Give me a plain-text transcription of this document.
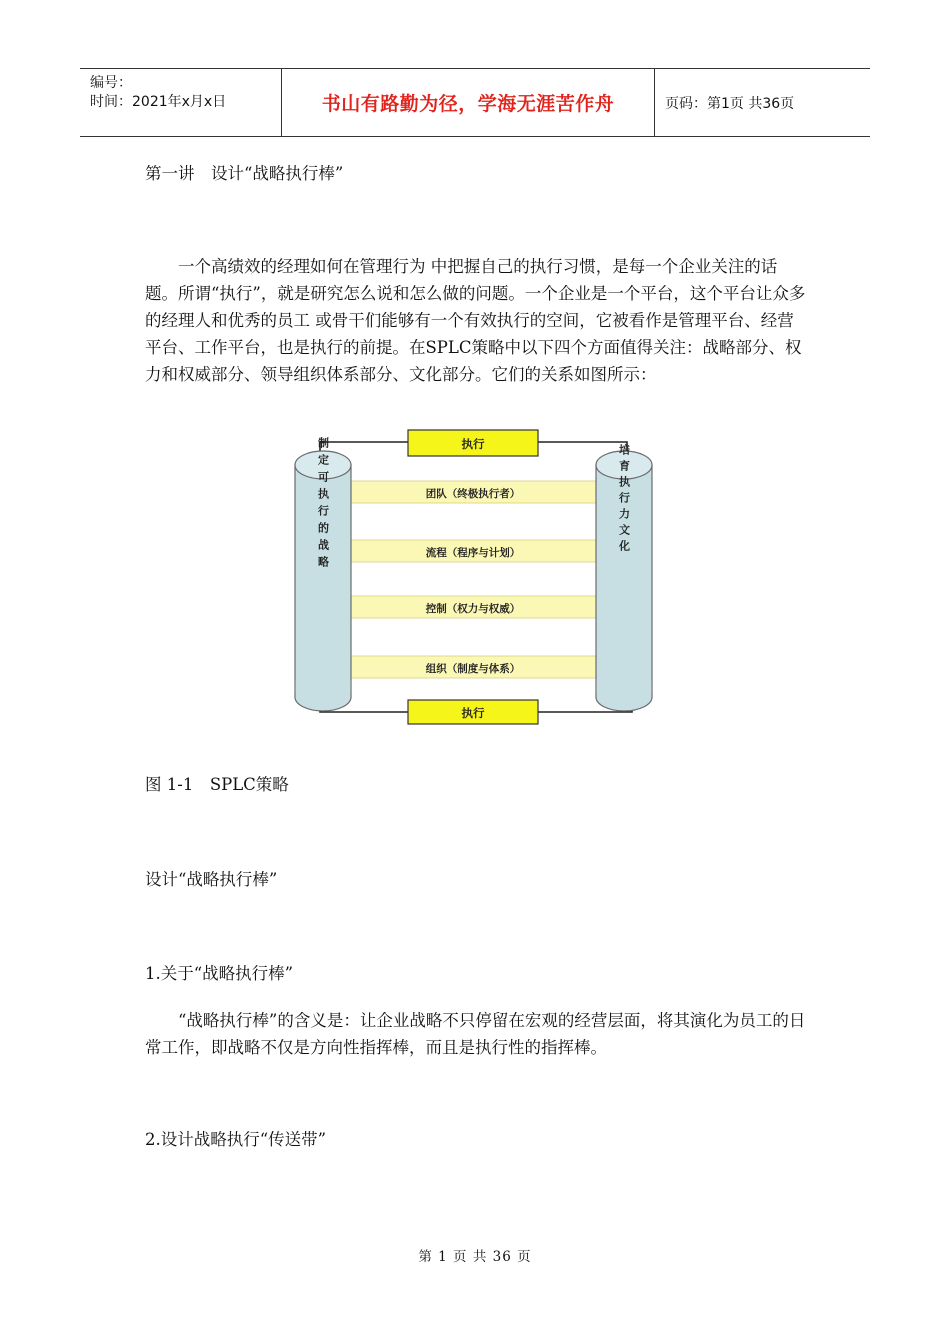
编号：
时间：2021年x月x日	书山有路勤为径，学海无涯苦作舟	页码：第1页 共36页
第一讲　设计“战略执行棒”
一个高绩效的经理如何在管理行为 中把握自己的执行习惯，是每一个企业关注的话题。所谓“执行”，就是研究怎么说和怎么做的问题。一个企业是一个平台，这个平台让众多的经理人和优秀的员工 或骨干们能够有一个有效执行的空间，它被看作是管理平台、经营平台、工作平台，也是执行的前提。在SPLC策略中以下四个方面值得关注：战略部分、权力和权威部分、领导组织体系部分、文化部分。它们的关系如图所示：
团队（终极执行者）
流程（程序与计划）
控制（权力与权威）
组织（制度与体系）
制定可执行的战略	培育执行力文化
执行
执行
图 1-1　SPLC策略
设计“战略执行棒”
1.关于“战略执行棒”
“战略执行棒”的含义是：让企业战略不只停留在宏观的经营层面，将其演化为员工的日常工作，即战略不仅是方向性指挥棒，而且是执行性的指挥棒。
2.设计战略执行“传送带”
第 1 页 共 36 页
